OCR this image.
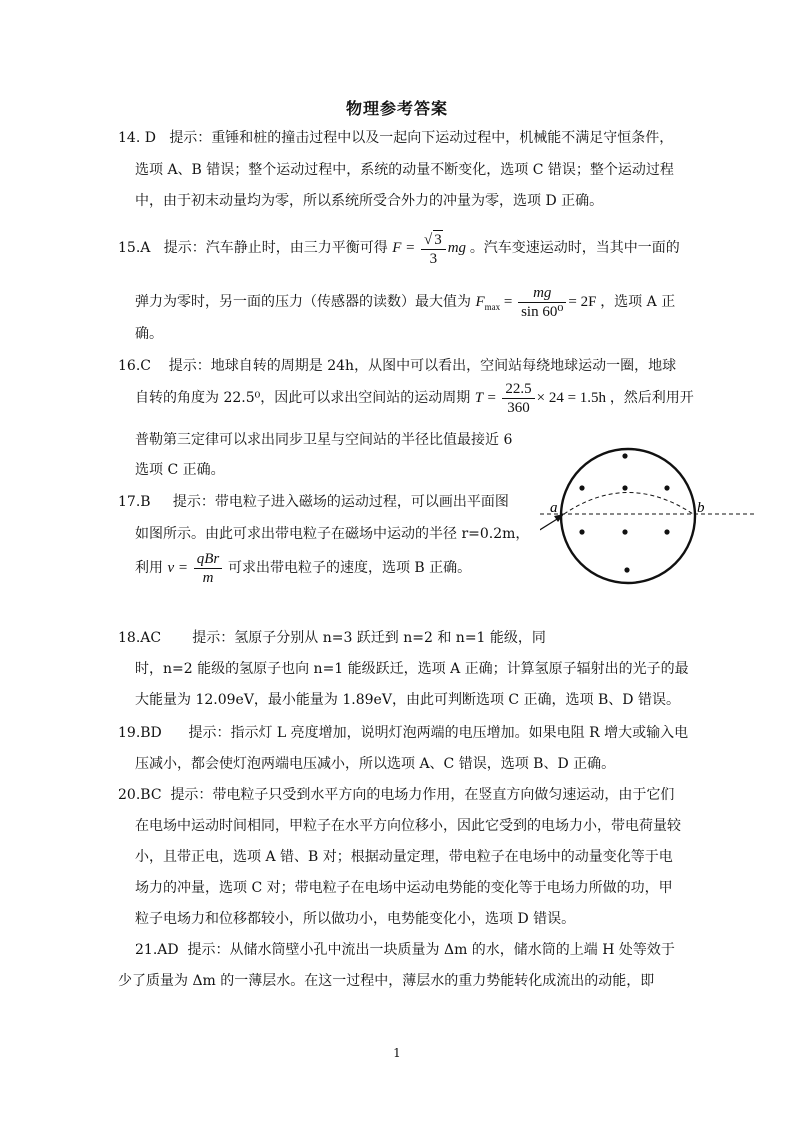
物理参考答案
14. D 提示：重锤和桩的撞击过程中以及一起向下运动过程中，机械能不满足守恒条件，
选项 A、B 错误；整个运动过程中，系统的动量不断变化，选项 C 错误；整个运动过程
中，由于初末动量均为零，所以系统所受合外力的冲量为零，选项 D 正确。
15.A 提示：汽车静止时，由三力平衡可得 $F = \frac{√ 3}{3}$ mg 。汽车变速运动时，当其中一面的
弹力为零时，另一面的压力（传感器的读数）最大值为 $F_{max} = \frac{mg}{\text{sin 60⁰}} = 2F$ ，选项 A 正
确。
16.C 提示：地球自转的周期是 24h，从图中可以看出，空间站每绕地球运动一圈，地球
自转的角度为 22.5⁰，因此可以求出空间站的运动周期 $T = \frac{22.5}{360} \times 24 = 1.5h$ ，然后利用开
普勒第三定律可以求出同步卫星与空间站的半径比值最接近 6
选项 C 正确。
17.B 提示：带电粒子进入磁场的运动过程，可以画出平面图
如图所示。由此可求出带电粒子在磁场中运动的半径 r=0.2m，
利用 $v = \frac{\text{qBr}}{m}$ 可求出带电粒子的速度，选项 B 正确。
a	b
18.AC 提示：氢原子分别从 n=3 跃迁到 n=2 和 n=1 能级，同
时，n=2 能级的氢原子也向 n=1 能级跃迁，选项 A 正确；计算氢原子辐射出的光子的最
大能量为 12.09eV，最小能量为 1.89eV，由此可判断选项 C 正确，选项 B、D 错误。
19.BD 提示：指示灯 L 亮度增加，说明灯泡两端的电压增加。如果电阻 R 增大或输入电
压减小，都会使灯泡两端电压减小，所以选项 A、C 错误，选项 B、D 正确。
20.BC 提示：带电粒子只受到水平方向的电场力作用，在竖直方向做匀速运动，由于它们
在电场中运动时间相同，甲粒子在水平方向位移小，因此它受到的电场力小，带电荷量较
小，且带正电，选项 A 错、B 对；根据动量定理，带电粒子在电场中的动量变化等于电
场力的冲量，选项 C 对；带电粒子在电场中运动电势能的变化等于电场力所做的功，甲
粒子电场力和位移都较小，所以做功小，电势能变化小，选项 D 错误。
21.AD 提示：从储水筒壁小孔中流出一块质量为 Δm 的水，储水筒的上端 H 处等效于
少了质量为 Δm 的一薄层水。在这一过程中，薄层水的重力势能转化成流出的动能，即
1
